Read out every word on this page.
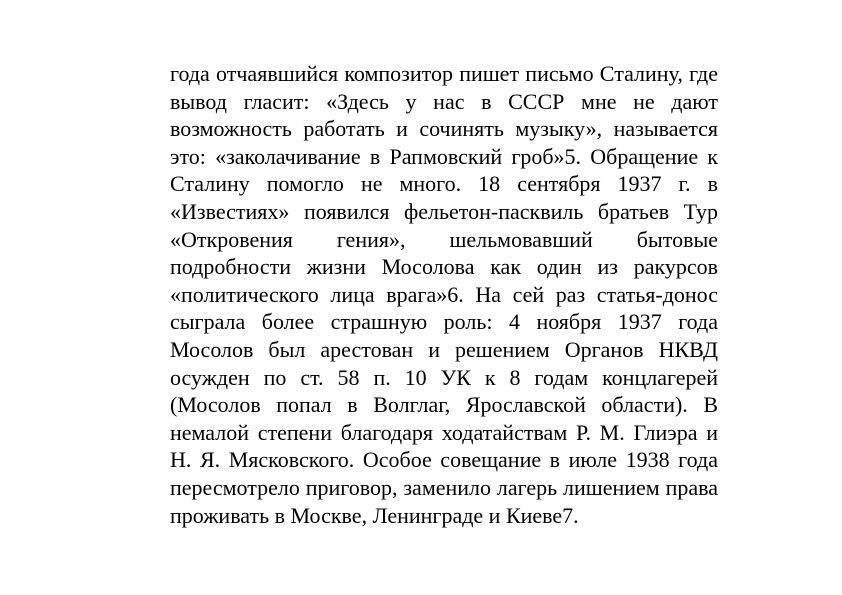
года отчаявшийся композитор пишет письмо Сталину, где
вывод гласит: «Здесь у нас в СССР мне не дают
возможность работать и сочинять музыку», называется
это: «заколачивание в Рапмовский гроб»5. Обращение к
Сталину помогло не много. 18 сентября 1937 г. в
«Известиях» появился фельетон-пасквиль братьев Тур
«Откровения гения», шельмовавший бытовые
подробности жизни Мосолова как один из ракурсов
«политического лица врага»6. На сей раз статья-донос
сыграла более страшную роль: 4 ноября 1937 года
Мосолов был арестован и решением Органов НКВД
осужден по ст. 58 п. 10 УК к 8 годам концлагерей
(Мосолов попал в Волглаг, Ярославской области). В
немалой степени благодаря ходатайствам Р. М. Глиэра и
Н. Я. Мясковского. Особое совещание в июле 1938 года
пересмотрело приговор, заменило лагерь лишением права
проживать в Москве, Ленинграде и Киеве7.
